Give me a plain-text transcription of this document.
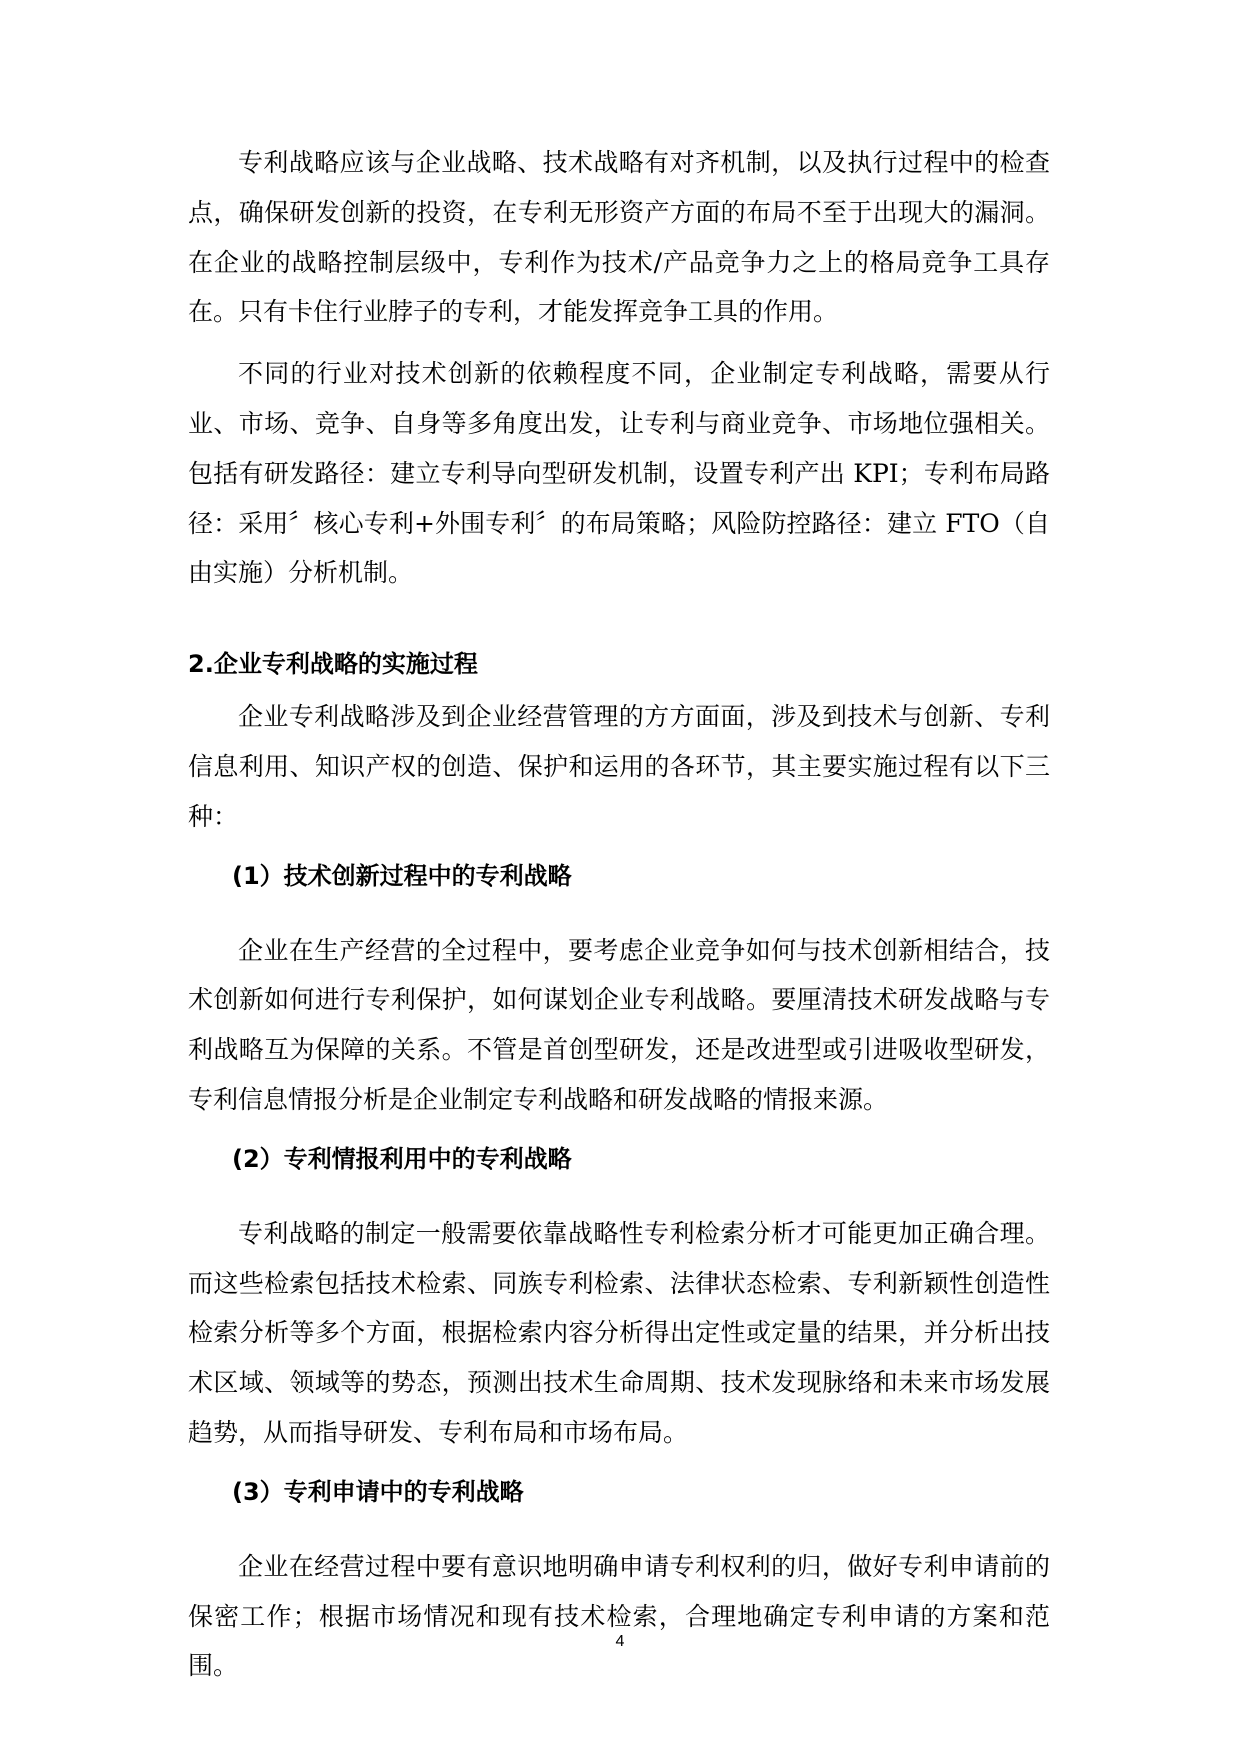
专利战略应该与企业战略、技术战略有对齐机制，以及执行过程中的检查点，确保研发创新的投资，在专利无形资产方面的布局不至于出现大的漏洞。在企业的战略控制层级中，专利作为技术/产品竞争力之上的格局竞争工具存在。只有卡住行业脖子的专利，才能发挥竞争工具的作用。

不同的行业对技术创新的依赖程度不同，企业制定专利战略，需要从行业、市场、竞争、自身等多角度出发，让专利与商业竞争、市场地位强相关。包括有研发路径：建立专利导向型研发机制，设置专利产出 KPI；专利布局路径：采用〞核心专利+外围专利〞的布局策略；风险防控路径：建立 FTO（自由实施）分析机制。

2.企业专利战略的实施过程

企业专利战略涉及到企业经营管理的方方面面，涉及到技术与创新、专利信息利用、知识产权的创造、保护和运用的各环节，其主要实施过程有以下三种：

(1）技术创新过程中的专利战略

企业在生产经营的全过程中，要考虑企业竞争如何与技术创新相结合，技术创新如何进行专利保护，如何谋划企业专利战略。要厘清技术研发战略与专利战略互为保障的关系。不管是首创型研发，还是改进型或引进吸收型研发，专利信息情报分析是企业制定专利战略和研发战略的情报来源。

(2）专利情报利用中的专利战略

专利战略的制定一般需要依靠战略性专利检索分析才可能更加正确合理。而这些检索包括技术检索、同族专利检索、法律状态检索、专利新颖性创造性检索分析等多个方面，根据检索内容分析得出定性或定量的结果，并分析出技术区域、领域等的势态，预测出技术生命周期、技术发现脉络和未来市场发展趋势，从而指导研发、专利布局和市场布局。

(3）专利申请中的专利战略

企业在经营过程中要有意识地明确申请专利权利的归，做好专利申请前的保密工作；根据市场情况和现有技术检索，合理地确定专利申请的方案和范围。

4
